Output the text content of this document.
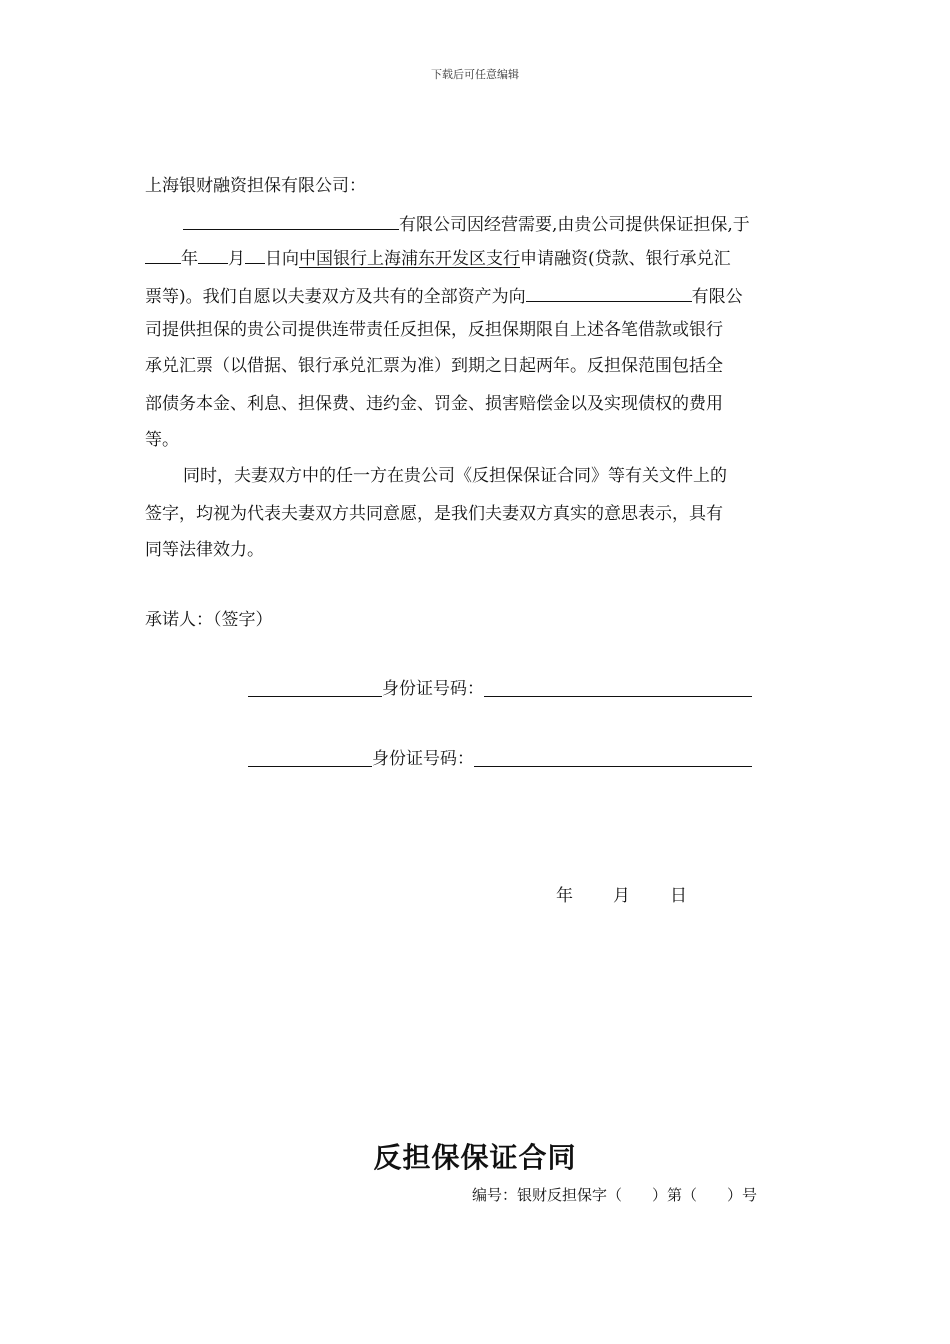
下载后可任意编辑
上海银财融资担保有限公司：
有限公司因经营需要,由贵公司提供保证担保,于
年 月 日向中国银行上海浦东开发区支行申请融资(贷款、银行承兑汇
票等)。我们自愿以夫妻双方及共有的全部资产为向	有限公
司提供担保的贵公司提供连带责任反担保，反担保期限自上述各笔借款或银行
承兑汇票（以借据、银行承兑汇票为准）到期之日起两年。反担保范围包括全
部债务本金、利息、担保费、违约金、罚金、损害赔偿金以及实现债权的费用
等。
同时，夫妻双方中的任一方在贵公司《反担保保证合同》等有关文件上的
签字，均视为代表夫妻双方共同意愿，是我们夫妻双方真实的意思表示，具有
同等法律效力。
承诺人：（签字）
身份证号码：
身份证号码：
年 月 日
反担保保证合同
编号：银财反担保字（　　）第（　　）号
